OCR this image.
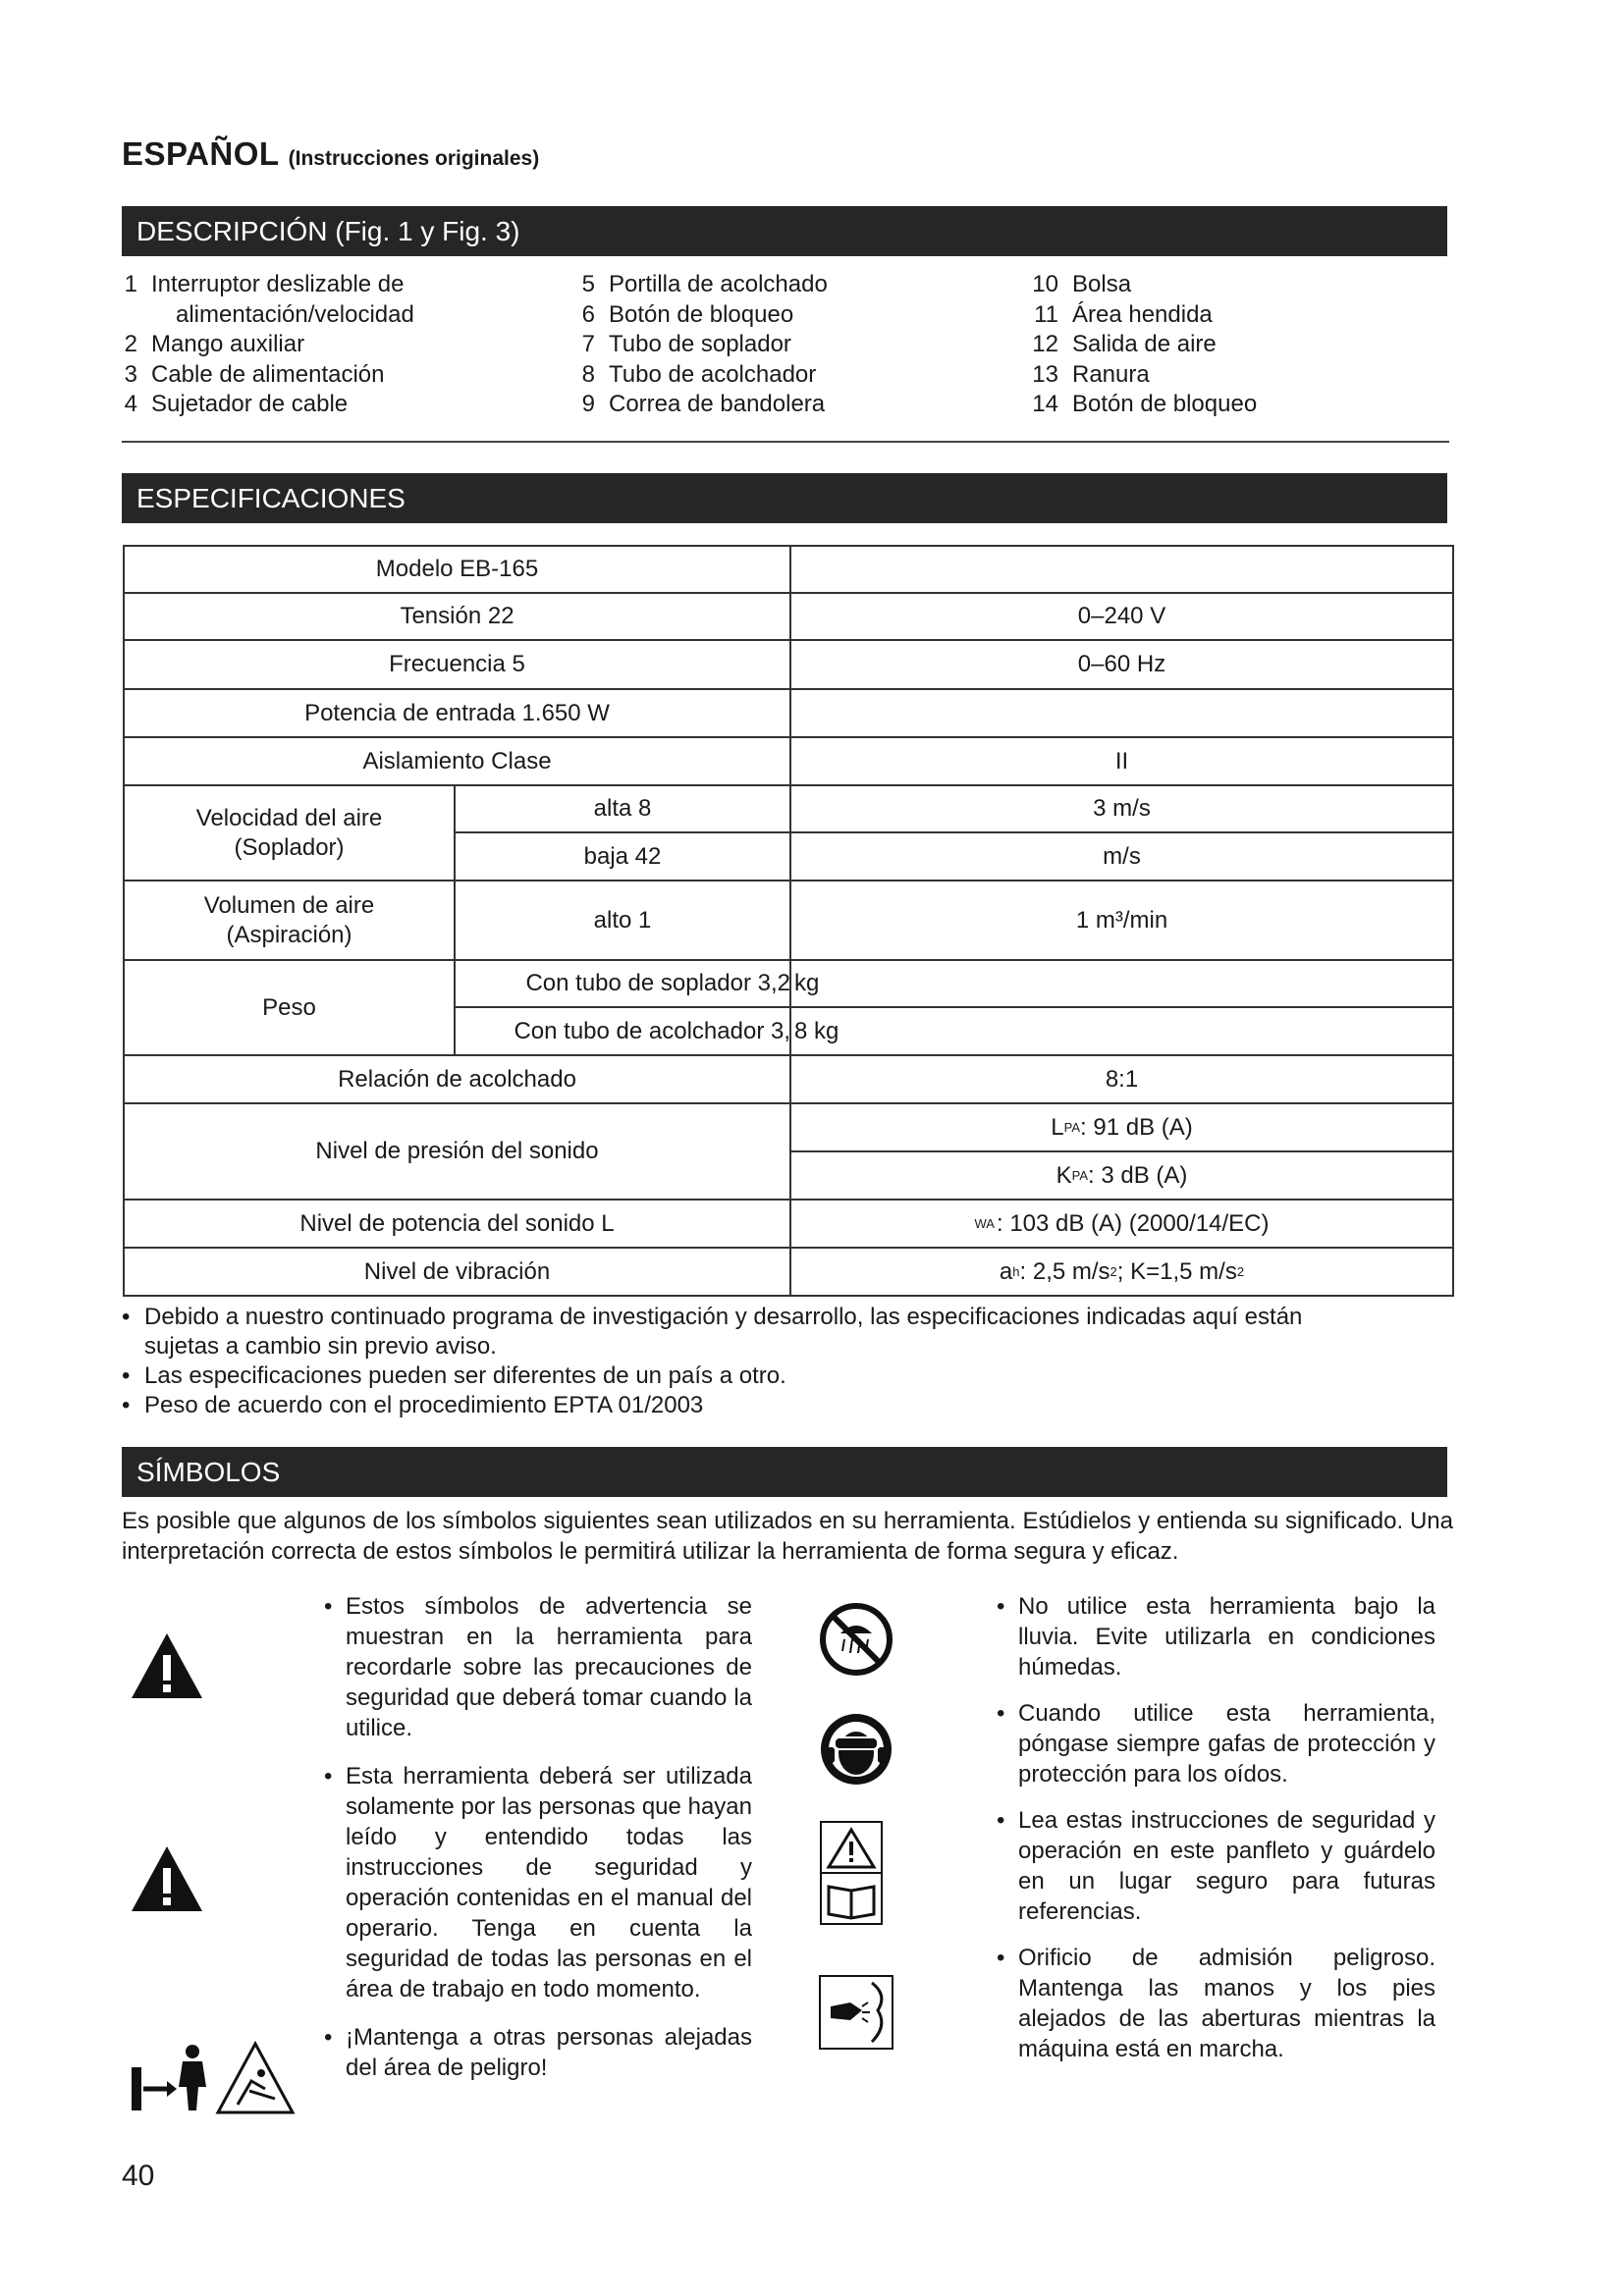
ESPAÑOL (Instrucciones originales)
DESCRIPCIÓN (Fig. 1 y Fig. 3)
1 Interruptor deslizable de
alimentación/velocidad
2 Mango auxiliar
3 Cable de alimentación
4 Sujetador de cable
5 Portilla de acolchado
6 Botón de bloqueo
7 Tubo de soplador
8 Tubo de acolchador
9 Correa de bandolera
10 Bolsa
11 Área hendida
12 Salida de aire
13 Ranura
14 Botón de bloqueo
ESPECIFICACIONES
Modelo EB-165
Tensión 22	0–240 V
Frecuencia 5	0–60 Hz
Potencia de entrada 1.650 W
Aislamiento Clase	II
Velocidad del aire
(Soplador)
alta 8	3 m/s
baja 42	m/s
Volumen de aire
(Aspiración)
alto 1	1 m³/min
Peso
Con tubo de soplador 3,2 kg
Con tubo de acolchador 3, 8 kg
Relación de acolchado	8:1
Nivel de presión del sonido
L PA : 91 dB (A)
K PA : 3 dB (A)
Nivel de potencia del sonido L	WA : 103 dB (A) (2000/14/EC)
Nivel de vibración	a h : 2,5 m/s 2 ; K=1,5 m/s 2
• Debido a nuestro continuado programa de investigación y desarrollo, las especificaciones indicadas aquí están
sujetas a cambio sin previo aviso.
• Las especificaciones pueden ser diferentes de un país a otro.
• Peso de acuerdo con el procedimiento EPTA 01/2003
SÍMBOLOS
Es posible que algunos de los símbolos siguientes sean utilizados en su herramienta. Estúdielos y entienda su significado. Una interpretación correcta de estos símbolos le permitirá utilizar la herramienta de forma segura y eficaz.
• Estos símbolos de advertencia se muestran en la herramienta para recordarle sobre las precauciones de seguridad que deberá tomar cuando la utilice.
• Esta herramienta deberá ser utilizada solamente por las personas que hayan leído y entendido todas las instrucciones de seguridad y operación contenidas en el manual del operario. Tenga en cuenta la seguridad de todas las personas en el área de trabajo en todo momento.
• ¡Mantenga a otras personas alejadas del área de peligro!
• No utilice esta herramienta bajo la lluvia. Evite utilizarla en condiciones húmedas.
• Cuando utilice esta herramienta, póngase siempre gafas de protección y protección para los oídos.
• Lea estas instrucciones de seguridad y operación en este panfleto y guárdelo en un lugar seguro para futuras referencias.
• Orificio de admisión peligroso. Mantenga las manos y los pies alejados de las aberturas mientras la máquina está en marcha.
40
